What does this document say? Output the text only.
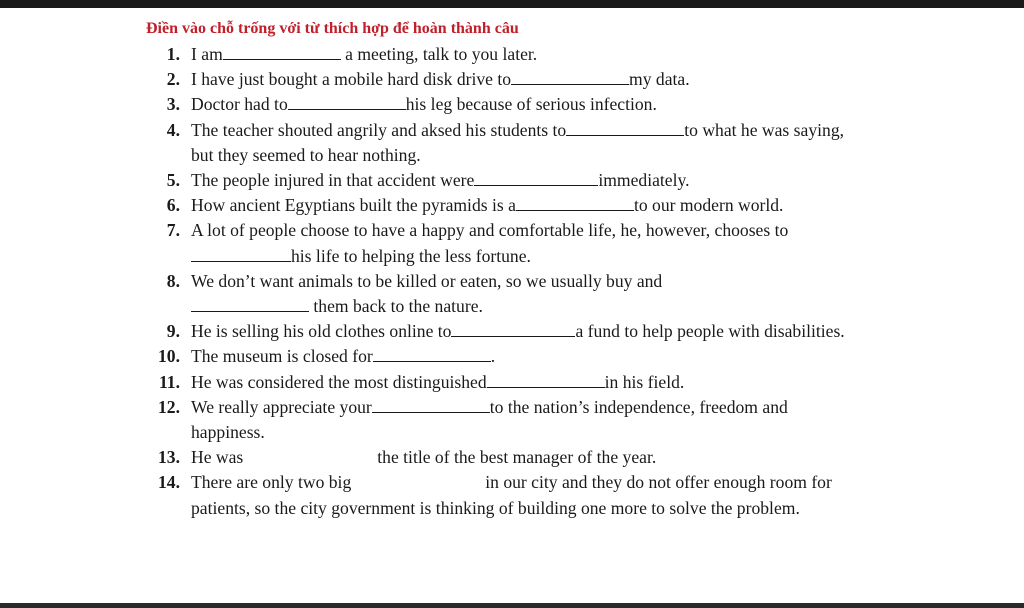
Điền vào chỗ trống với từ thích hợp để hoàn thành câu
1. I am	a meeting, talk to you later.
2. I have just bought a mobile hard disk drive to	my data.
3. Doctor had to	his leg because of serious infection.
4. The teacher shouted angrily and aksed his students to	to what he was saying, but they seemed to hear nothing.
5. The people injured in that accident were	immediately.
6. How ancient Egyptians built the pyramids is a	to our modern world.
7. A lot of people choose to have a happy and comfortable life, he, however, chooses tohis life to helping the less fortune.
8. We don’t want animals to be killed or eaten, so we usually buy and
them back to the nature.
9. He is selling his old clothes online to	a fund to help people with disabilities.
10. The museum is closed for	.
11. He was considered the most distinguished	in his field.
12. We really appreciate your	to the nation’s independence, freedom and happiness.
13. He was	the title of the best manager of the year.
14. There are only two big	in our city and they do not offer enough room for patients, so the city government is thinking of building one more to solve the problem.
